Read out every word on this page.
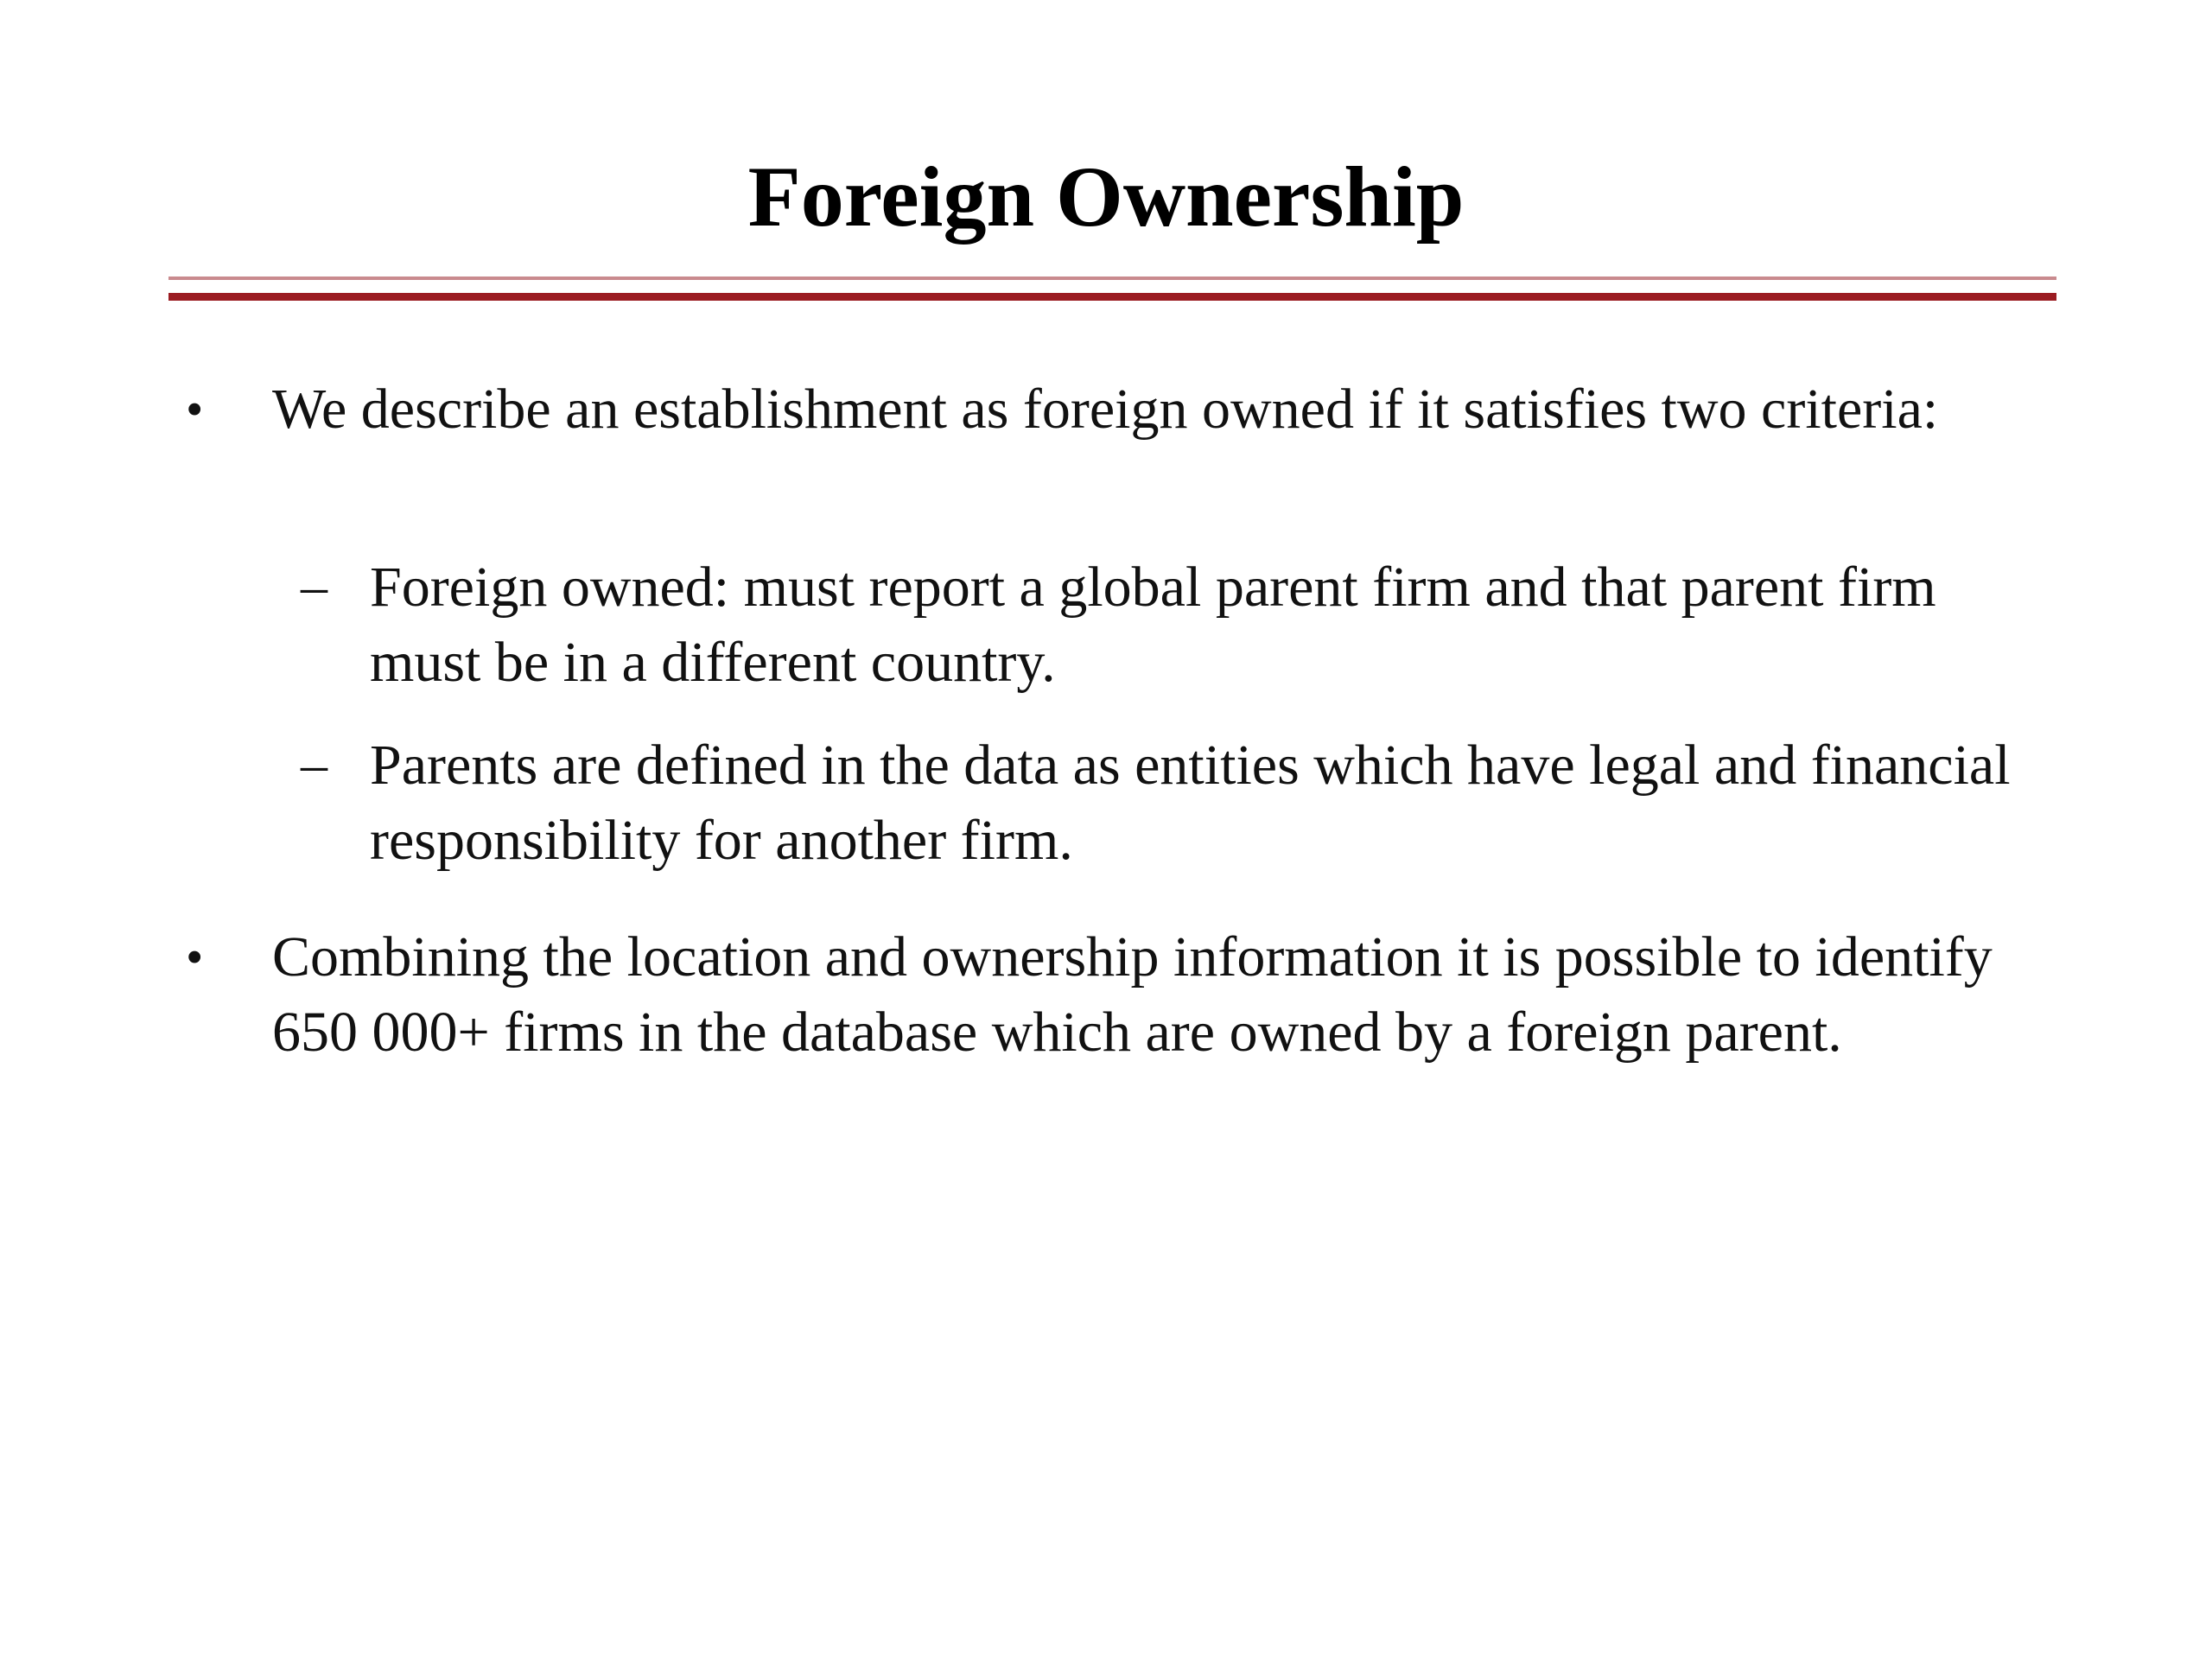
Foreign Ownership
• We describe an establishment as foreign owned if it satisfies two criteria:
– Foreign owned: must report a global parent firm and that parent firm must be in a different country.
– Parents are defined in the data as entities which have legal and financial responsibility for another firm.
• Combining the location and ownership information it is possible to identify 650 000+ firms in the database which are owned by a foreign parent.
